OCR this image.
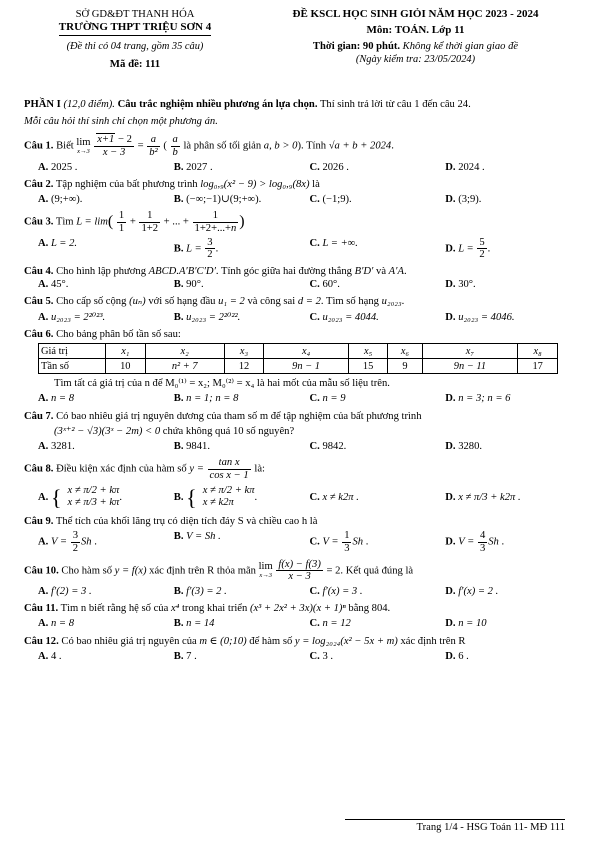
SỞ GD&ĐT THANH HÓA
TRƯỜNG THPT TRIỆU SƠN 4
(Đề thi có 04 trang, gồm 35 câu)
Mã đề: 111
ĐỀ KSCL HỌC SINH GIỎI NĂM HỌC 2023 - 2024
Môn: TOÁN. Lớp 11
Thời gian: 90 phút. Không kể thời gian giao đề
(Ngày kiểm tra: 23/05/2024)
PHẦN I (12,0 điểm). Câu trắc nghiệm nhiều phương án lựa chọn. Thí sinh trả lời từ câu 1 đến câu 24.
Mỗi câu hỏi thí sinh chỉ chọn một phương án.
Câu 1. Biết lim
x→3
$\frac{x+1 - 2}{x - 3} = \frac{a}{\text{b²}}$ ( $\frac{a}{b}$ là phân số tối giản a, b > 0). Tính √a + b + 2024.
A. 2025 .	B. 2027 .	C. 2026 .	D. 2024 .
Câu 2. Tập nghiệm của bất phương trình log₀,₉(x² − 9) > log₀,₉(8x) là
A. (9;+∞).	B. (−∞;−1)∪(9;+∞).	C. (−1;9).	D. (3;9).
Câu 3. Tìm $L = \lim( \frac{1}{1} + \frac{1}{1+2}$ + ... + $\frac{1}{1+2+...+n}$ )
A. L = 2.
B. $L = \frac{3}{2}$ .
C. L = +∞.
D. $L = \frac{5}{2}$ .
Câu 4. Cho hình lập phương ABCD.A′B′C′D′. Tính góc giữa hai đường thẳng B′D′ và A′A.
A. 45°.	B. 90°.	C. 60°.	D. 30°.
Câu 5. Cho cấp số cộng (uₙ) với số hạng đầu u₁ = 2 và công sai d = 2. Tìm số hạng u₂₀₂₃.
A. u₂₀₂₃ = 2²⁰²³.	B. u₂₀₂₃ = 2²⁰²².	C. u₂₀₂₃ = 4044.	D. u₂₀₂₃ = 4046.
Câu 6. Cho bảng phân bố tần số sau:
Giá trị	x₁	x₂	x₃	x₄	x₅	x₆	x₇	x₈
Tần số	10	n² + 7	12	9n − 1	15	9	9n − 11	17
Tìm tất cả giá trị của n để M₀⁽¹⁾ = x₂; M₀⁽²⁾ = x₄ là hai mốt của mẫu số liệu trên.
A. n = 8	B. n = 1; n = 8	C. n = 9	D. n = 3; n = 6
Câu 7. Có bao nhiêu giá trị nguyên dương của tham số m để tập nghiệm của bất phương trình
(3ˣ⁺² − √3)(3ˣ − 2m) < 0 chứa không quá 10 số nguyên?
A. 3281.	B. 9841.	C. 9842.	D. 3280.
Câu 8. Điều kiện xác định của hàm số $y = \frac{\text{tan x}}{\text{cos x − 1}}$ là:
A. { x ≠ π/2 + kπ
x ≠ π/3 + kπ
.	B. { x ≠ π/2 + kπ
x ≠ k2π
.	C. x ≠ k2π .	D. x ≠ π/3 + k2π .
Câu 9. Thể tích của khối lăng trụ có diện tích đáy S và chiều cao h là
A. $V = \frac{3}{2}$ Sh .
B. V = Sh .
C. $V = \frac{1}{3}$ Sh .	D. $V = \frac{4}{3}$ Sh .
Câu 10. Cho hàm số y = f(x) xác định trên R thỏa mãn lim
x→3
$\frac{f(x) - f(3)}{x - 3} = 2$. Kết quả đúng là
A. f′(2) = 3 .	B. f′(3) = 2 .	C. f′(x) = 3 .	D. f′(x) = 2 .
Câu 11. Tìm n biết rằng hệ số của x⁴ trong khai triển (x³ + 2x² + 3x)(x + 1)ⁿ bằng 804.
A. n = 8	B. n = 14	C. n = 12	D. n = 10
Câu 12. Có bao nhiêu giá trị nguyên của m ∈ (0;10) để hàm số y = log₂₀₂₄(x² − 5x + m) xác định trên R
A. 4 .	B. 7 .	C. 3 .	D. 6 .
Trang 1/4 - HSG Toán 11- MĐ 111
